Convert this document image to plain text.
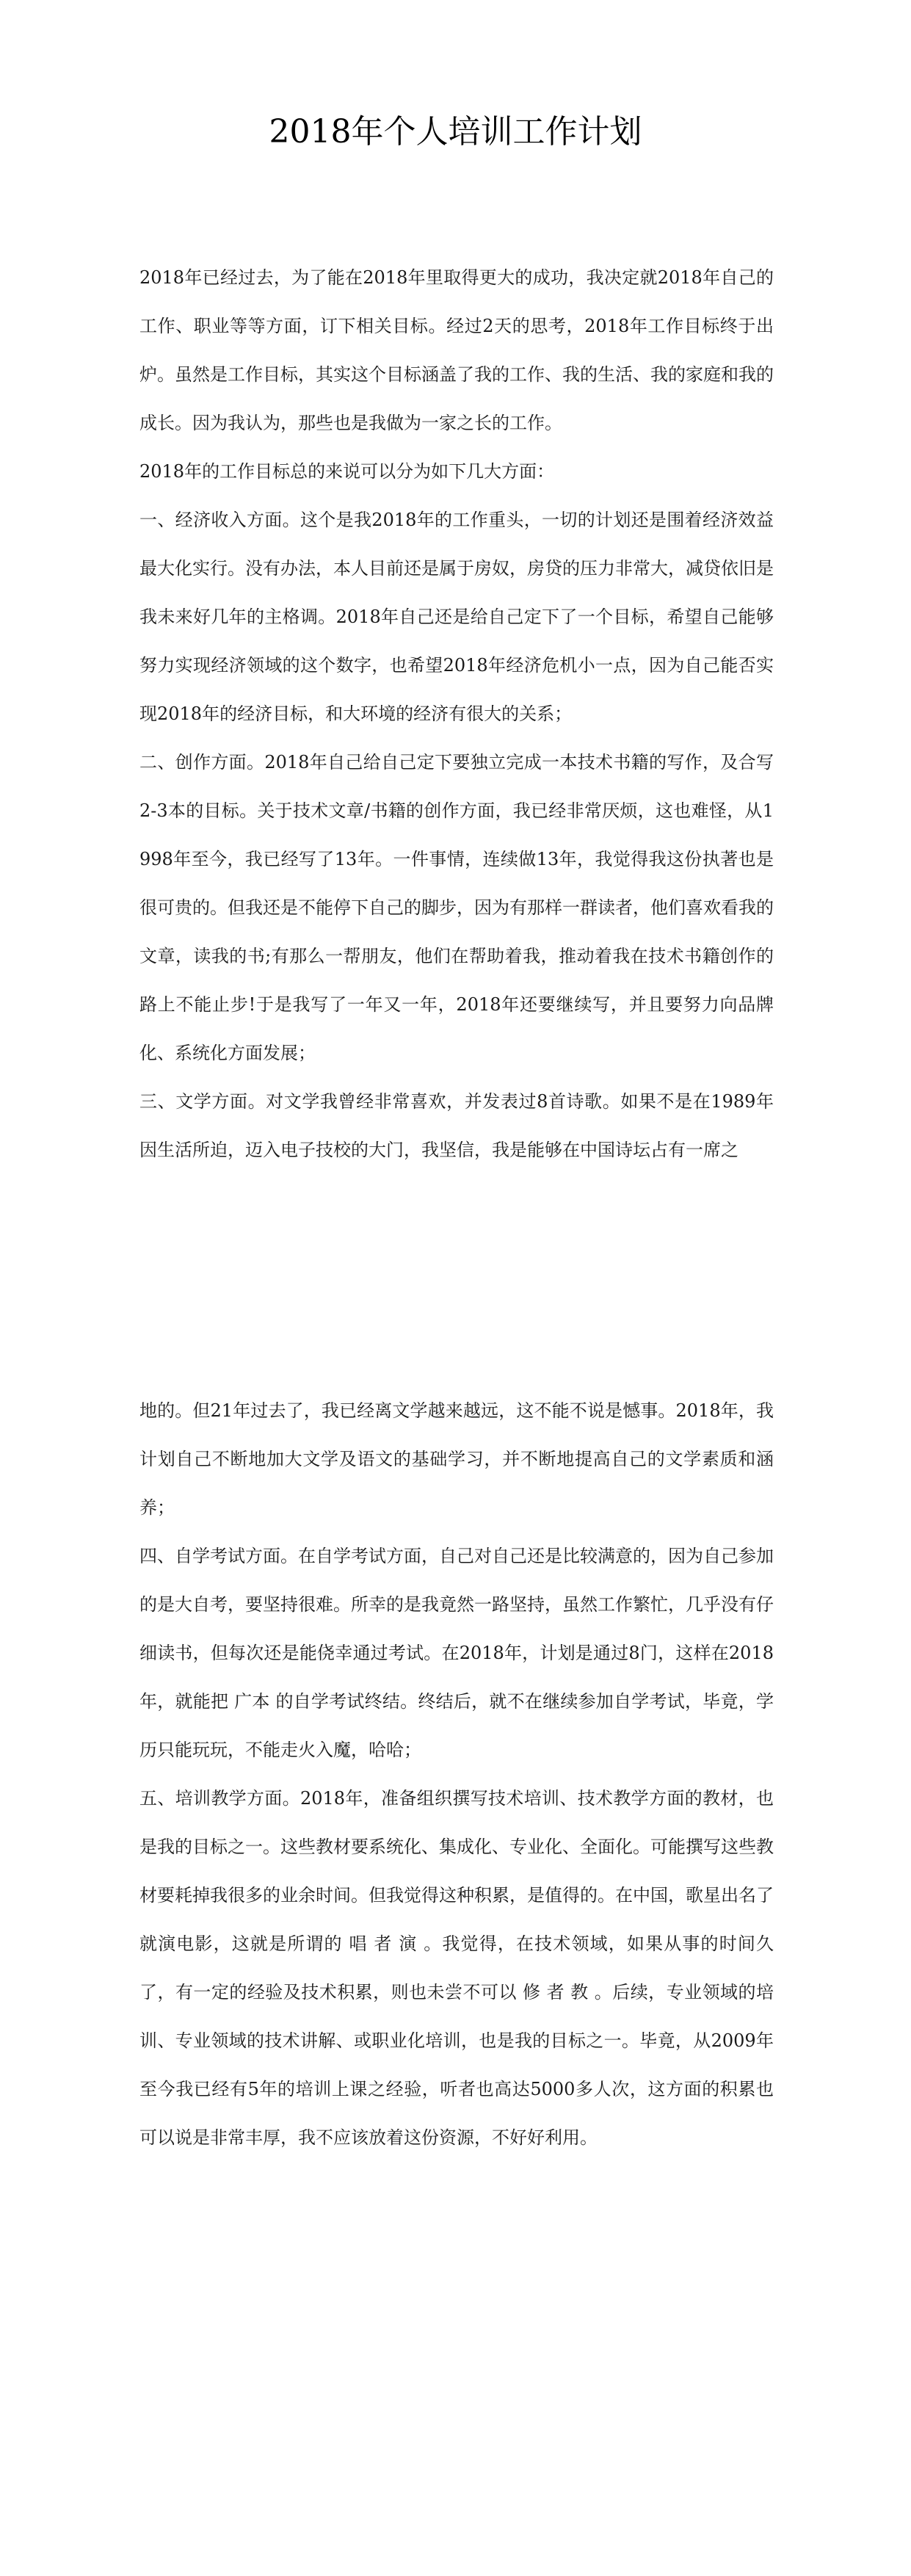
2018年个人培训工作计划

2018年已经过去，为了能在2018年里取得更大的成功，我决定就2018年自己的工作、职业等等方面，订下相关目标。经过2天的思考，2018年工作目标终于出炉。虽然是工作目标，其实这个目标涵盖了我的工作、我的生活、我的家庭和我的成长。因为我认为，那些也是我做为一家之长的工作。

2018年的工作目标总的来说可以分为如下几大方面：

一、经济收入方面。这个是我2018年的工作重头，一切的计划还是围着经济效益最大化实行。没有办法，本人目前还是属于房奴，房贷的压力非常大，减贷依旧是我未来好几年的主格调。2018年自己还是给自己定下了一个目标，希望自己能够努力实现经济领域的这个数字，也希望2018年经济危机小一点，因为自己能否实现2018年的经济目标，和大环境的经济有很大的关系；

二、创作方面。2018年自己给自己定下要独立完成一本技术书籍的写作，及合写2-3本的目标。关于技术文章/书籍的创作方面，我已经非常厌烦，这也难怪，从1998年至今，我已经写了13年。一件事情，连续做13年，我觉得我这份执著也是很可贵的。但我还是不能停下自己的脚步，因为有那样一群读者，他们喜欢看我的文章，读我的书;有那么一帮朋友，他们在帮助着我，推动着我在技术书籍创作的路上不能止步!于是我写了一年又一年，2018年还要继续写，并且要努力向品牌化、系统化方面发展；

三、文学方面。对文学我曾经非常喜欢，并发表过8首诗歌。如果不是在1989年因生活所迫，迈入电子技校的大门，我坚信，我是能够在中国诗坛占有一席之

地的。但21年过去了，我已经离文学越来越远，这不能不说是憾事。2018年，我计划自己不断地加大文学及语文的基础学习，并不断地提高自己的文学素质和涵养；

四、自学考试方面。在自学考试方面，自己对自己还是比较满意的，因为自己参加的是大自考，要坚持很难。所幸的是我竟然一路坚持，虽然工作繁忙，几乎没有仔细读书，但每次还是能侥幸通过考试。在2018年，计划是通过8门，这样在2018年，就能把 广本 的自学考试终结。终结后，就不在继续参加自学考试，毕竟，学历只能玩玩，不能走火入魔，哈哈；

五、培训教学方面。2018年，准备组织撰写技术培训、技术教学方面的教材，也是我的目标之一。这些教材要系统化、集成化、专业化、全面化。可能撰写这些教材要耗掉我很多的业余时间。但我觉得这种积累，是值得的。在中国，歌星出名了就演电影，这就是所谓的 唱 者 演 。我觉得，在技术领域，如果从事的时间久了，有一定的经验及技术积累，则也未尝不可以 修 者 教 。后续，专业领域的培训、专业领域的技术讲解、或职业化培训，也是我的目标之一。毕竟，从2009年至今我已经有5年的培训上课之经验，听者也高达5000多人次，这方面的积累也可以说是非常丰厚，我不应该放着这份资源，不好好利用。
